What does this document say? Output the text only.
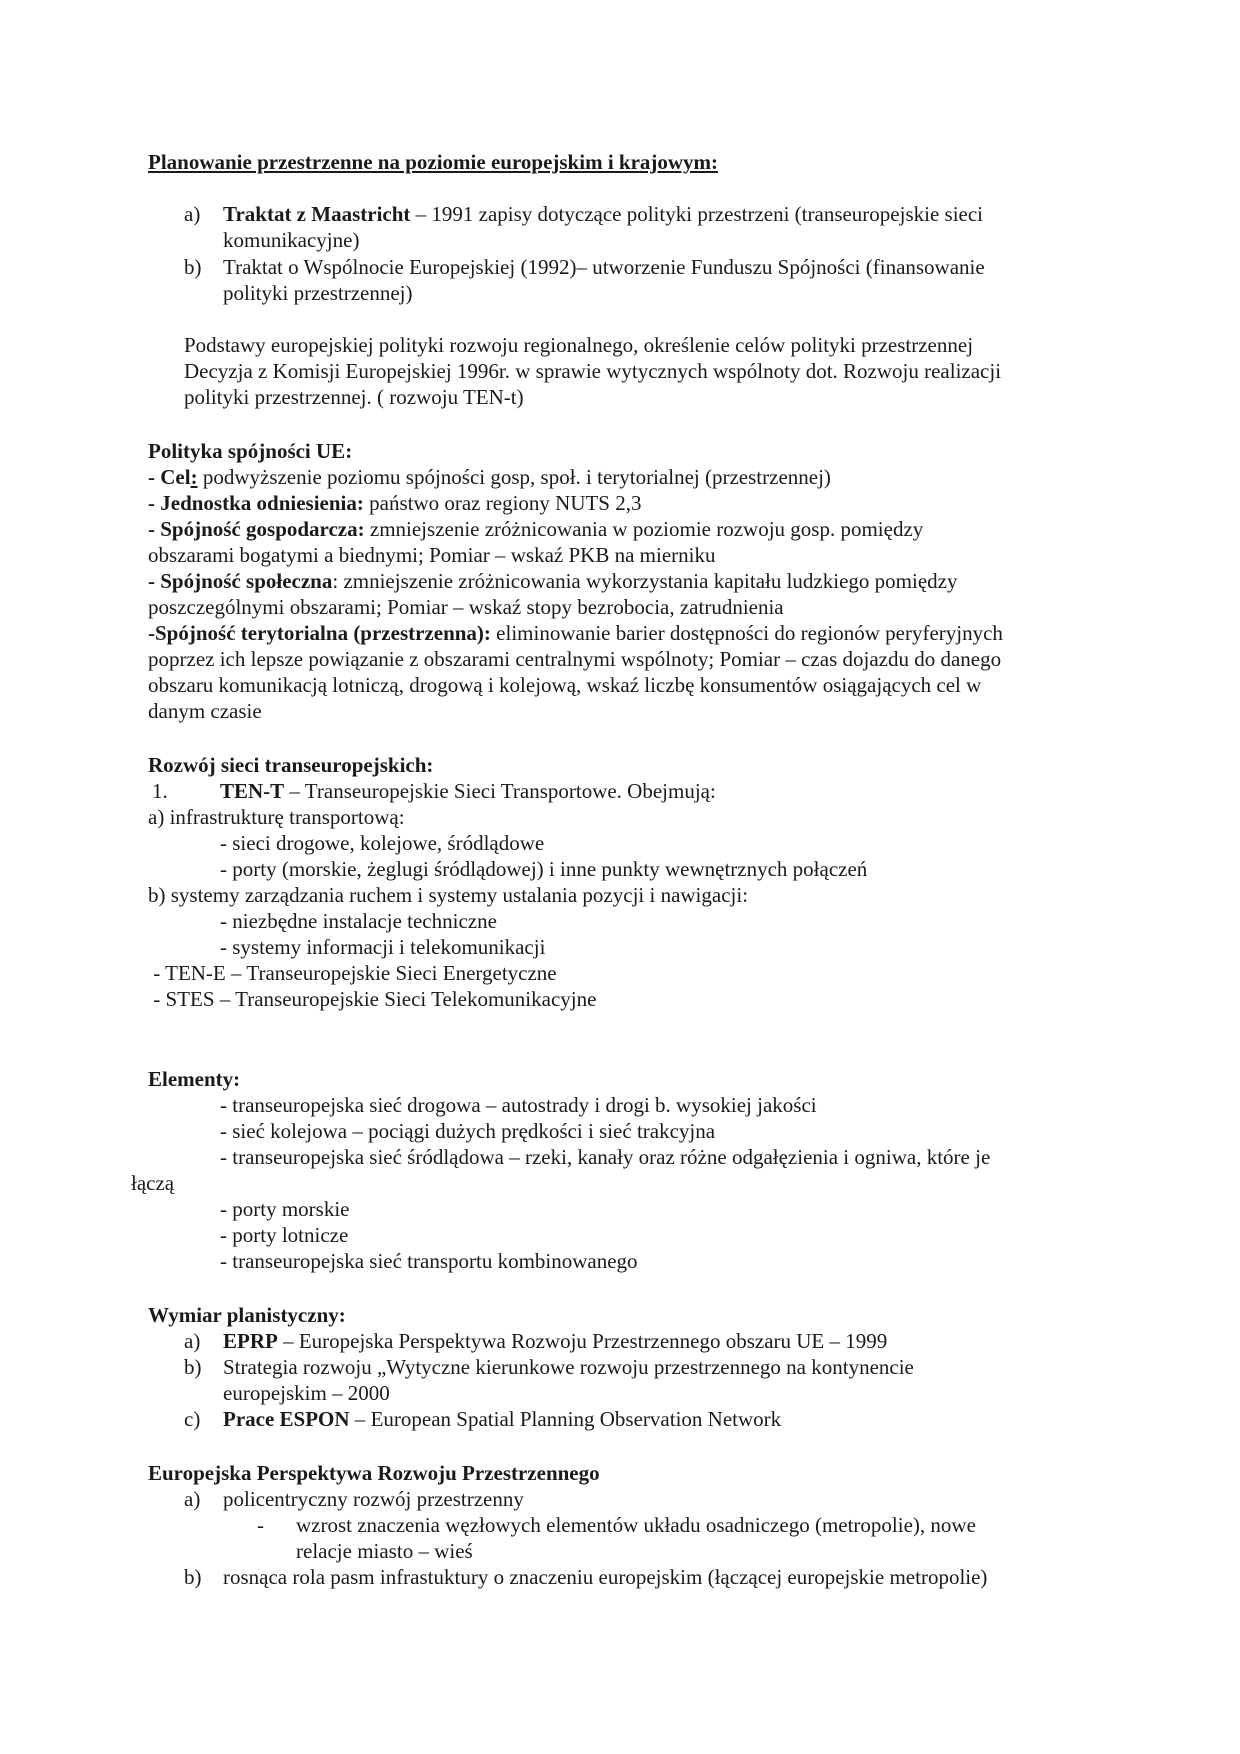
Planowanie przestrzenne na poziomie europejskim i krajowym:
a) Traktat z Maastricht – 1991 zapisy dotyczące polityki przestrzeni (transeuropejskie sieci
komunikacyjne)
b) Traktat o Wspólnocie Europejskiej (1992)– utworzenie Funduszu Spójności (finansowanie
polityki przestrzennej)
Podstawy europejskiej polityki rozwoju regionalnego, określenie celów polityki przestrzennej
Decyzja z Komisji Europejskiej 1996r. w sprawie wytycznych wspólnoty dot. Rozwoju realizacji
polityki przestrzennej. ( rozwoju TEN-t)
Polityka spójności UE:
- Cel: podwyższenie poziomu spójności gosp, społ. i terytorialnej (przestrzennej)
- Jednostka odniesienia: państwo oraz regiony NUTS 2,3
- Spójność gospodarcza: zmniejszenie zróżnicowania w poziomie rozwoju gosp. pomiędzy
obszarami bogatymi a biednymi; Pomiar – wskaź PKB na mierniku
- Spójność społeczna: zmniejszenie zróżnicowania wykorzystania kapitału ludzkiego pomiędzy
poszczególnymi obszarami; Pomiar – wskaź stopy bezrobocia, zatrudnienia
-Spójność terytorialna (przestrzenna): eliminowanie barier dostępności do regionów peryferyjnych
poprzez ich lepsze powiązanie z obszarami centralnymi wspólnoty; Pomiar – czas dojazdu do danego
obszaru komunikacją lotniczą, drogową i kolejową, wskaź liczbę konsumentów osiągających cel w
danym czasie
Rozwój sieci transeuropejskich:
1. TEN-T – Transeuropejskie Sieci Transportowe. Obejmują:
a) infrastrukturę transportową:
- sieci drogowe, kolejowe, śródlądowe
- porty (morskie, żeglugi śródlądowej) i inne punkty wewnętrznych połączeń
b) systemy zarządzania ruchem i systemy ustalania pozycji i nawigacji:
- niezbędne instalacje techniczne
- systemy informacji i telekomunikacji
- TEN-E – Transeuropejskie Sieci Energetyczne
- STES – Transeuropejskie Sieci Telekomunikacyjne
Elementy:
- transeuropejska sieć drogowa – autostrady i drogi b. wysokiej jakości
- sieć kolejowa – pociągi dużych prędkości i sieć trakcyjna
- transeuropejska sieć śródlądowa – rzeki, kanały oraz różne odgałęzienia i ogniwa, które je
łączą
- porty morskie
- porty lotnicze
- transeuropejska sieć transportu kombinowanego
Wymiar planistyczny:
a) EPRP – Europejska Perspektywa Rozwoju Przestrzennego obszaru UE – 1999
b) Strategia rozwoju „Wytyczne kierunkowe rozwoju przestrzennego na kontynencie
europejskim – 2000
c) Prace ESPON – European Spatial Planning Observation Network
Europejska Perspektywa Rozwoju Przestrzennego
a) policentryczny rozwój przestrzenny
- wzrost znaczenia węzłowych elementów układu osadniczego (metropolie), nowe
relacje miasto – wieś
b) rosnąca rola pasm infrastuktury o znaczeniu europejskim (łączącej europejskie metropolie)
